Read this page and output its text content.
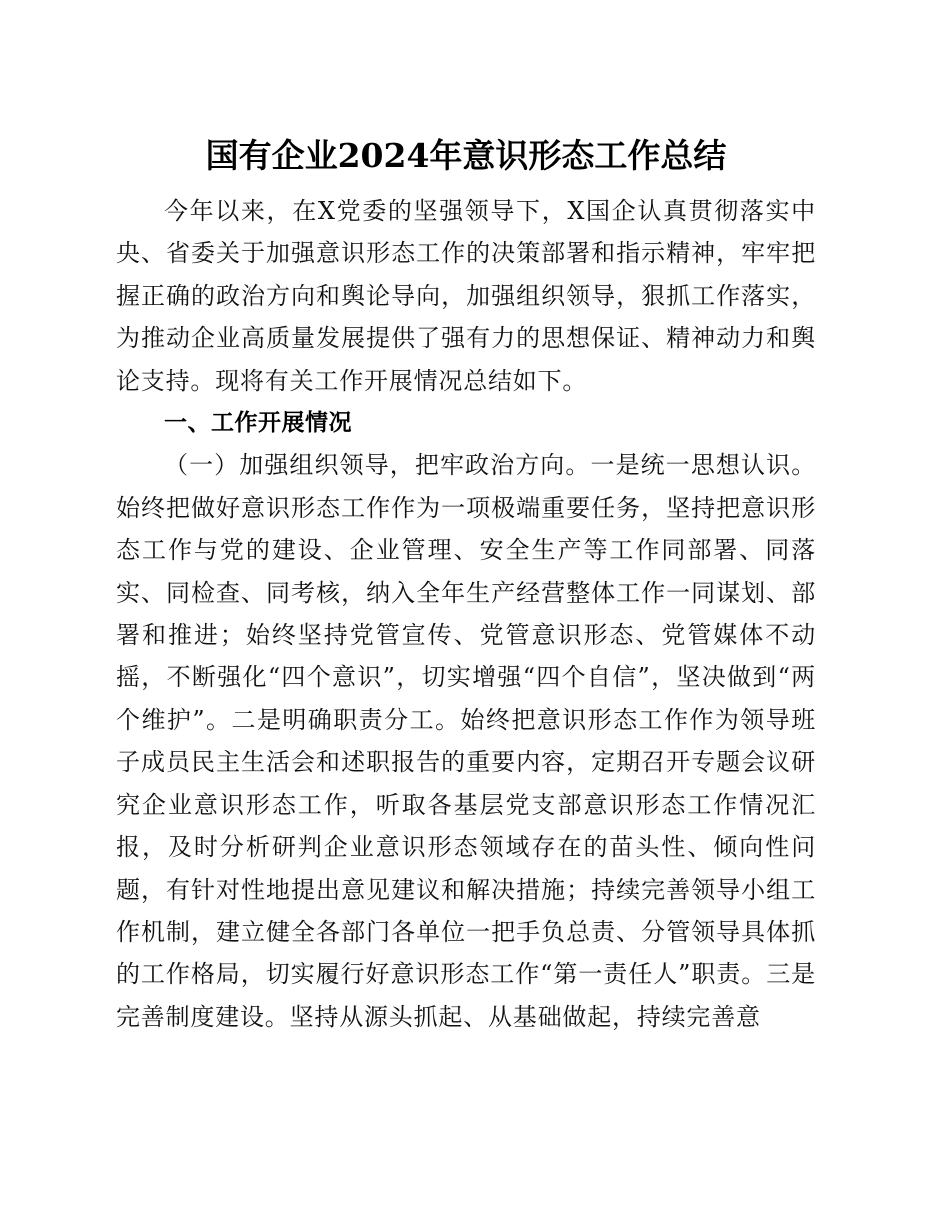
国有企业2024年意识形态工作总结

今年以来，在X党委的坚强领导下，X国企认真贯彻落实中央、省委关于加强意识形态工作的决策部署和指示精神，牢牢把握正确的政治方向和舆论导向，加强组织领导，狠抓工作落实，为推动企业高质量发展提供了强有力的思想保证、精神动力和舆论支持。现将有关工作开展情况总结如下。

一、工作开展情况

（一）加强组织领导，把牢政治方向。一是统一思想认识。始终把做好意识形态工作作为一项极端重要任务，坚持把意识形态工作与党的建设、企业管理、安全生产等工作同部署、同落实、同检查、同考核，纳入全年生产经营整体工作一同谋划、部署和推进；始终坚持党管宣传、党管意识形态、党管媒体不动摇，不断强化“四个意识”，切实增强“四个自信”，坚决做到“两个维护”。二是明确职责分工。始终把意识形态工作作为领导班子成员民主生活会和述职报告的重要内容，定期召开专题会议研究企业意识形态工作，听取各基层党支部意识形态工作情况汇报，及时分析研判企业意识形态领域存在的苗头性、倾向性问题，有针对性地提出意见建议和解决措施；持续完善领导小组工作机制，建立健全各部门各单位一把手负总责、分管领导具体抓的工作格局，切实履行好意识形态工作“第一责任人”职责。三是完善制度建设。坚持从源头抓起、从基础做起，持续完善意
